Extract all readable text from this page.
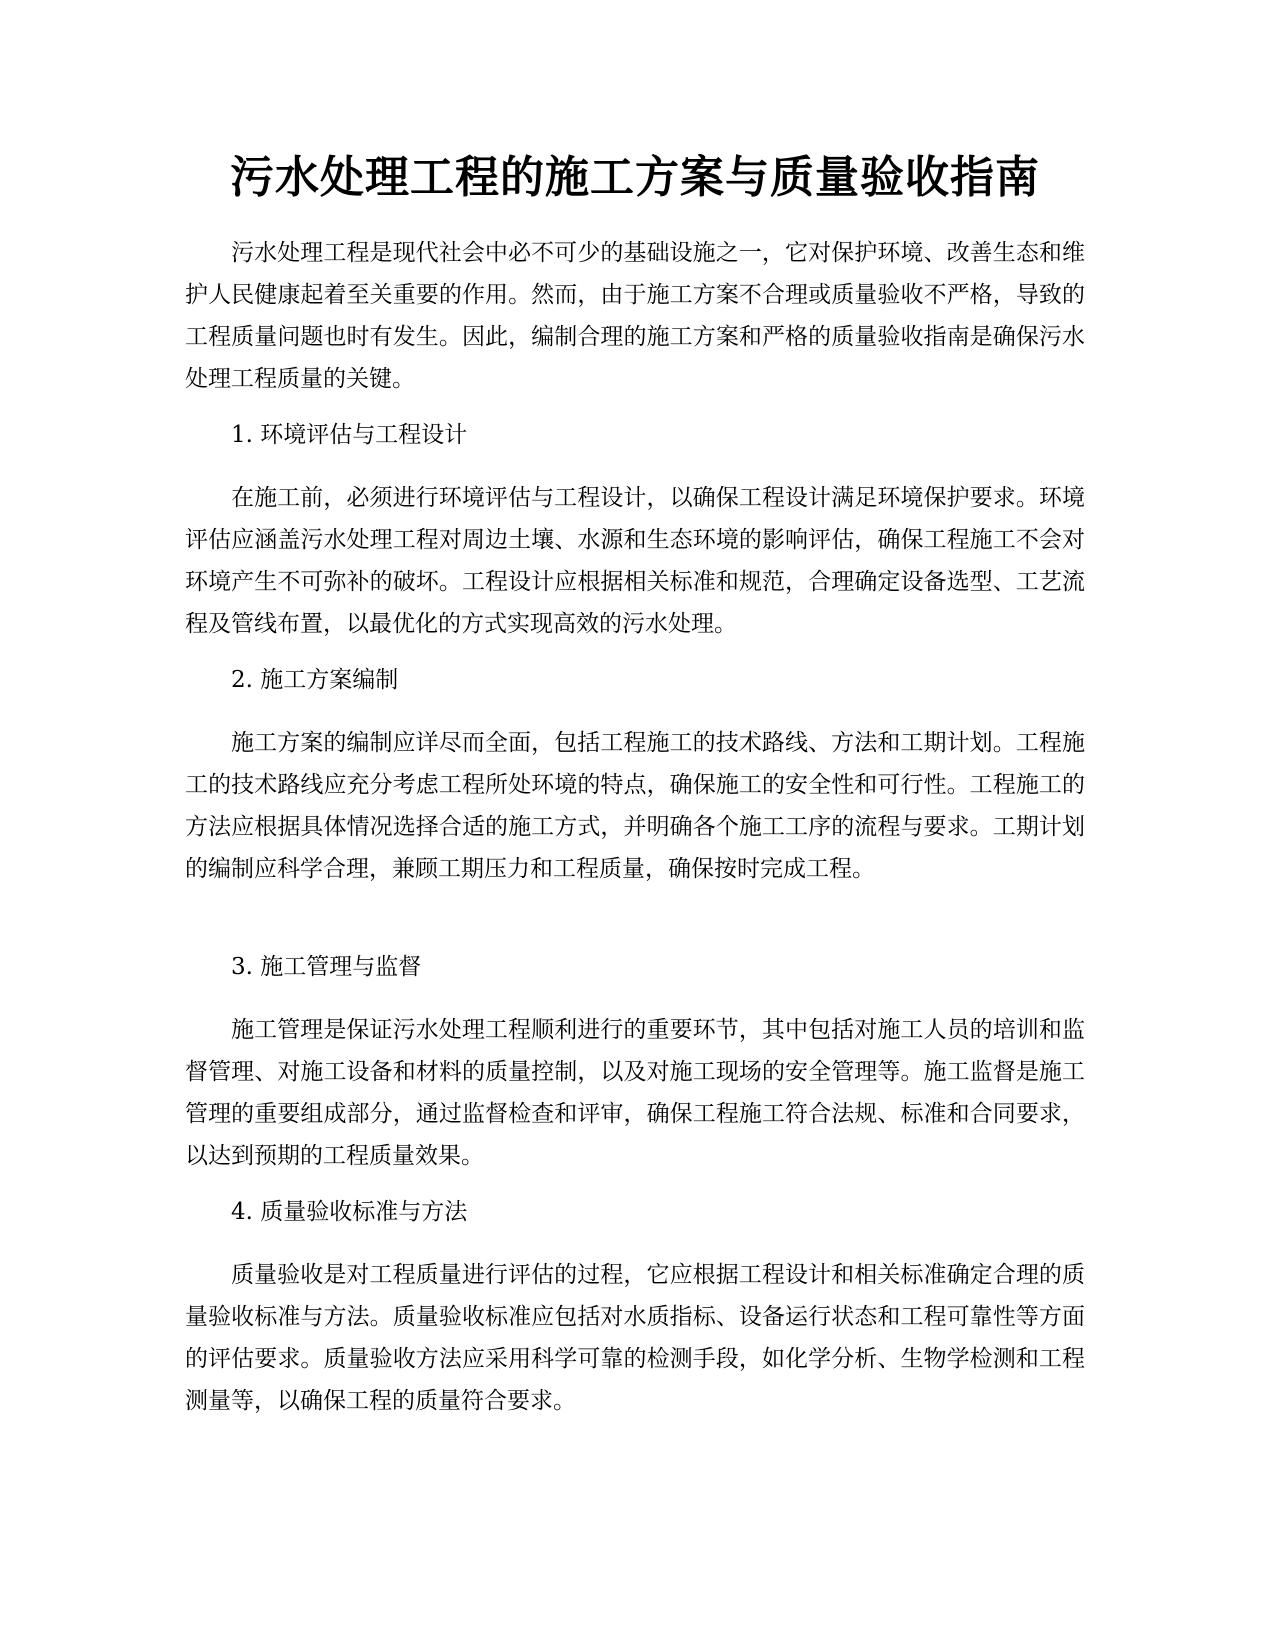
污水处理工程的施工方案与质量验收指南

污水处理工程是现代社会中必不可少的基础设施之一，它对保护环境、改善生态和维护人民健康起着至关重要的作用。然而，由于施工方案不合理或质量验收不严格，导致的工程质量问题也时有发生。因此，编制合理的施工方案和严格的质量验收指南是确保污水处理工程质量的关键。

1. 环境评估与工程设计

在施工前，必须进行环境评估与工程设计，以确保工程设计满足环境保护要求。环境评估应涵盖污水处理工程对周边土壤、水源和生态环境的影响评估，确保工程施工不会对环境产生不可弥补的破坏。工程设计应根据相关标准和规范，合理确定设备选型、工艺流程及管线布置，以最优化的方式实现高效的污水处理。

2. 施工方案编制

施工方案的编制应详尽而全面，包括工程施工的技术路线、方法和工期计划。工程施工的技术路线应充分考虑工程所处环境的特点，确保施工的安全性和可行性。工程施工的方法应根据具体情况选择合适的施工方式，并明确各个施工工序的流程与要求。工期计划的编制应科学合理，兼顾工期压力和工程质量，确保按时完成工程。

3. 施工管理与监督

施工管理是保证污水处理工程顺利进行的重要环节，其中包括对施工人员的培训和监督管理、对施工设备和材料的质量控制，以及对施工现场的安全管理等。施工监督是施工管理的重要组成部分，通过监督检查和评审，确保工程施工符合法规、标准和合同要求，以达到预期的工程质量效果。

4. 质量验收标准与方法

质量验收是对工程质量进行评估的过程，它应根据工程设计和相关标准确定合理的质量验收标准与方法。质量验收标准应包括对水质指标、设备运行状态和工程可靠性等方面的评估要求。质量验收方法应采用科学可靠的检测手段，如化学分析、生物学检测和工程测量等，以确保工程的质量符合要求。
